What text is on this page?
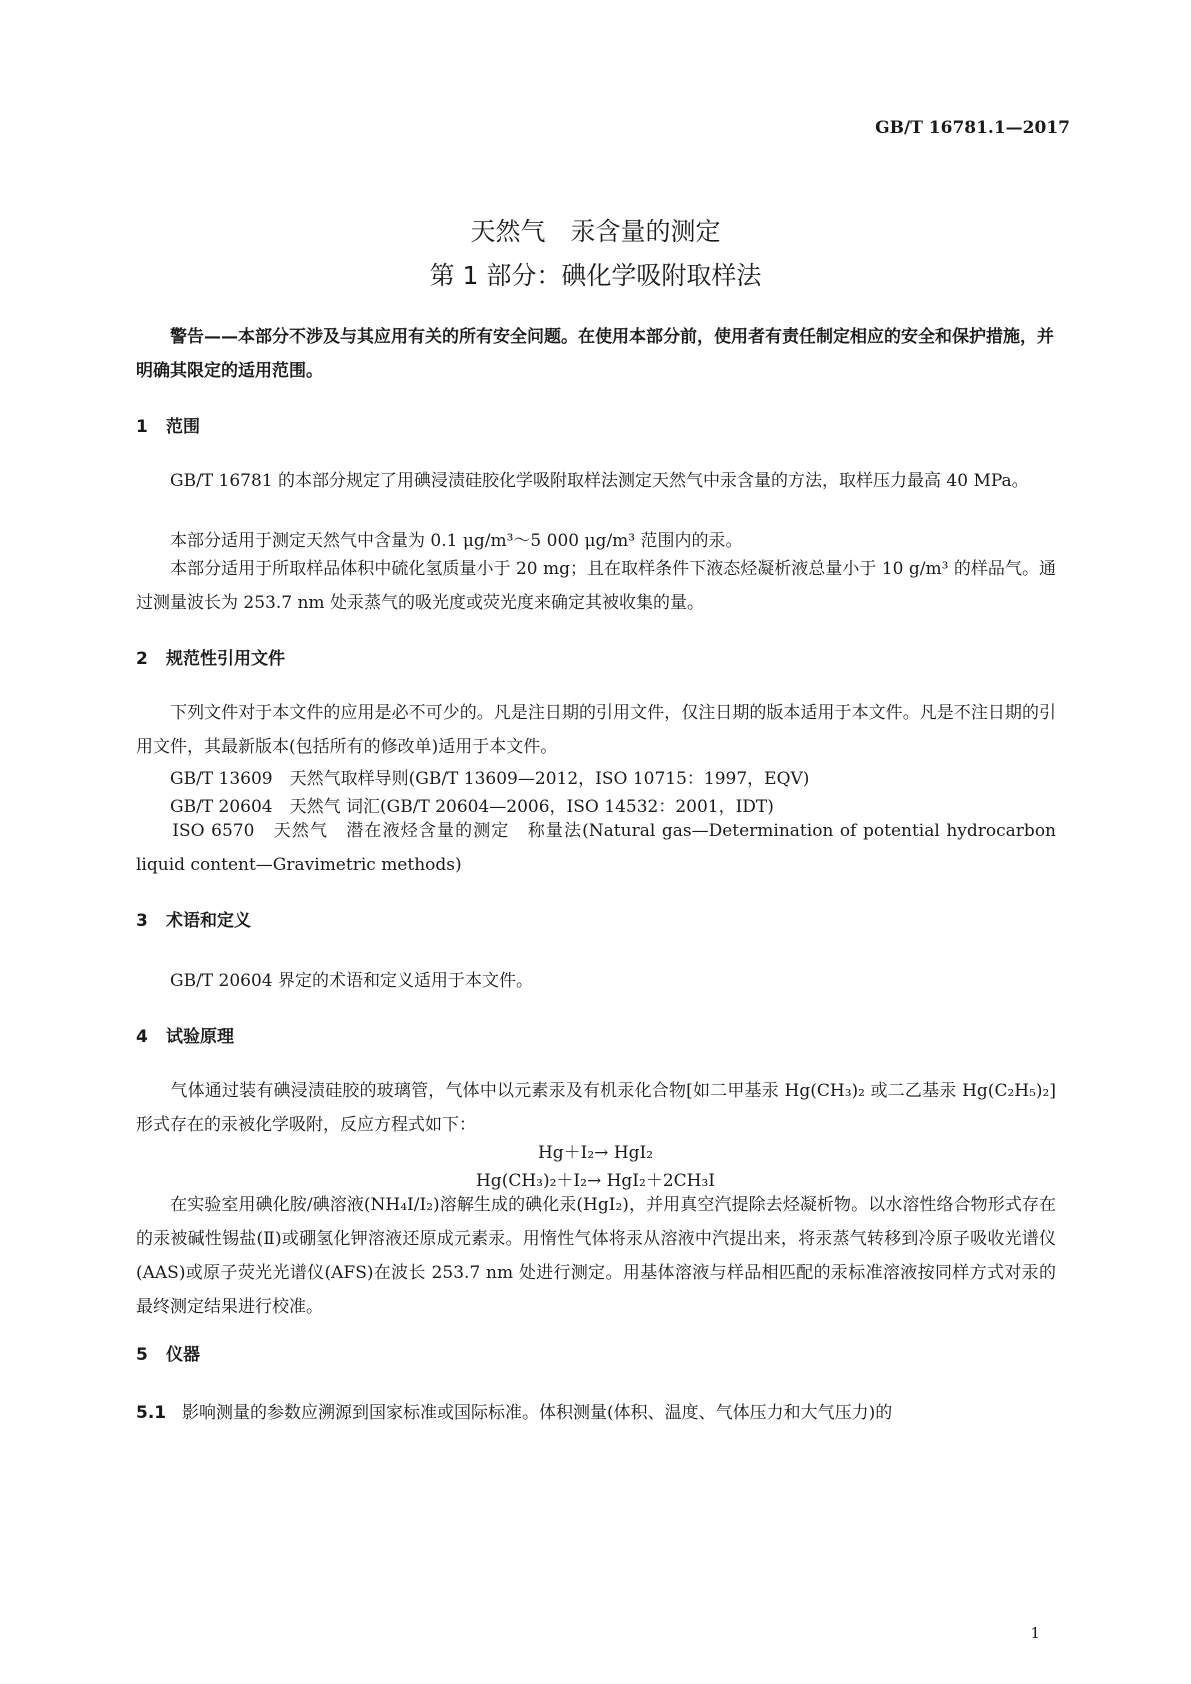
GB/T 16781.1—2017
天然气　汞含量的测定
第 1 部分：碘化学吸附取样法
警告——本部分不涉及与其应用有关的所有安全问题。在使用本部分前，使用者有责任制定相应的安全和保护措施，并明确其限定的适用范围。
1 范围
　　GB/T 16781 的本部分规定了用碘浸渍硅胶化学吸附取样法测定天然气中汞含量的方法，取样压力最高 40 MPa。
本部分适用于测定天然气中含量为 0.1 μg/m³～5 000 μg/m³ 范围内的汞。
　　本部分适用于所取样品体积中硫化氢质量小于 20 mg；且在取样条件下液态烃凝析液总量小于 10 g/m³ 的样品气。通过测量波长为 253.7 nm 处汞蒸气的吸光度或荧光度来确定其被收集的量。
2 规范性引用文件
　　下列文件对于本文件的应用是必不可少的。凡是注日期的引用文件，仅注日期的版本适用于本文件。凡是不注日期的引用文件，其最新版本(包括所有的修改单)适用于本文件。
GB/T 13609　天然气取样导则(GB/T 13609—2012，ISO 10715：1997，EQV)
GB/T 20604　天然气 词汇(GB/T 20604—2006，ISO 14532：2001，IDT)
　　ISO 6570　天然气　潜在液烃含量的测定　称量法(Natural gas—Determination of potential hydrocarbon liquid content—Gravimetric methods)
3 术语和定义
GB/T 20604 界定的术语和定义适用于本文件。
4 试验原理
　　气体通过装有碘浸渍硅胶的玻璃管，气体中以元素汞及有机汞化合物[如二甲基汞 Hg(CH₃)₂ 或二乙基汞 Hg(C₂H₅)₂]形式存在的汞被化学吸附，反应方程式如下：
Hg＋I₂→ HgI₂
Hg(CH₃)₂＋I₂→ HgI₂＋2CH₃I
　　在实验室用碘化胺/碘溶液(NH₄I/I₂)溶解生成的碘化汞(HgI₂)，并用真空汽提除去烃凝析物。以水溶性络合物形式存在的汞被碱性锡盐(Ⅱ)或硼氢化钾溶液还原成元素汞。用惰性气体将汞从溶液中汽提出来，将汞蒸气转移到冷原子吸收光谱仪(AAS)或原子荧光光谱仪(AFS)在波长 253.7 nm 处进行测定。用基体溶液与样品相匹配的汞标准溶液按同样方式对汞的最终测定结果进行校准。
5 仪器
5.1 影响测量的参数应溯源到国家标准或国际标准。体积测量(体积、温度、气体压力和大气压力)的
1
